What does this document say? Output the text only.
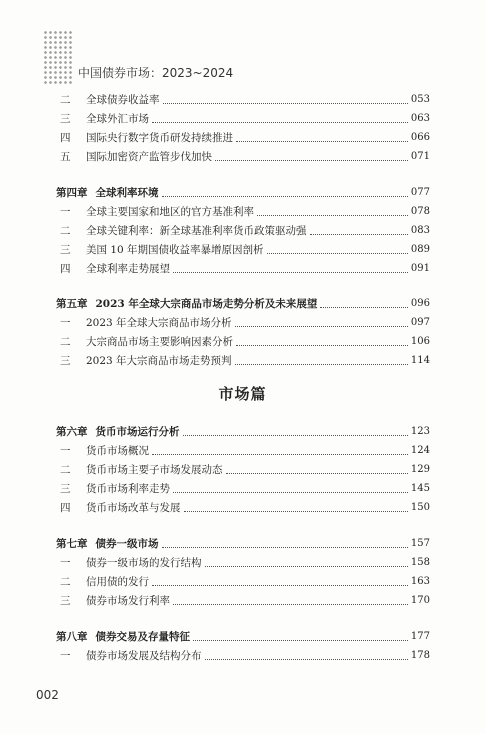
中国债券市场：2023~2024
二	全球债券收益率	053
三	全球外汇市场	063
四	国际央行数字货币研发持续推进	066
五	国际加密资产监管步伐加快	071
第四章 全球利率环境	077
一	全球主要国家和地区的官方基准利率	078
二	全球关键利率：新全球基准利率货币政策驱动强	083
三	美国 10 年期国债收益率暴增原因剖析	089
四	全球利率走势展望	091
第五章 2023 年全球大宗商品市场走势分析及未来展望	096
一	2023 年全球大宗商品市场分析	097
二	大宗商品市场主要影响因素分析	106
三	2023 年大宗商品市场走势预判	114
市场篇
第六章 货币市场运行分析	123
一	货币市场概况	124
二	货币市场主要子市场发展动态	129
三	货币市场利率走势	145
四	货币市场改革与发展	150
第七章 债券一级市场	157
一	债券一级市场的发行结构	158
二	信用债的发行	163
三	债券市场发行利率	170
第八章 债券交易及存量特征	177
一	债券市场发展及结构分布	178
002
